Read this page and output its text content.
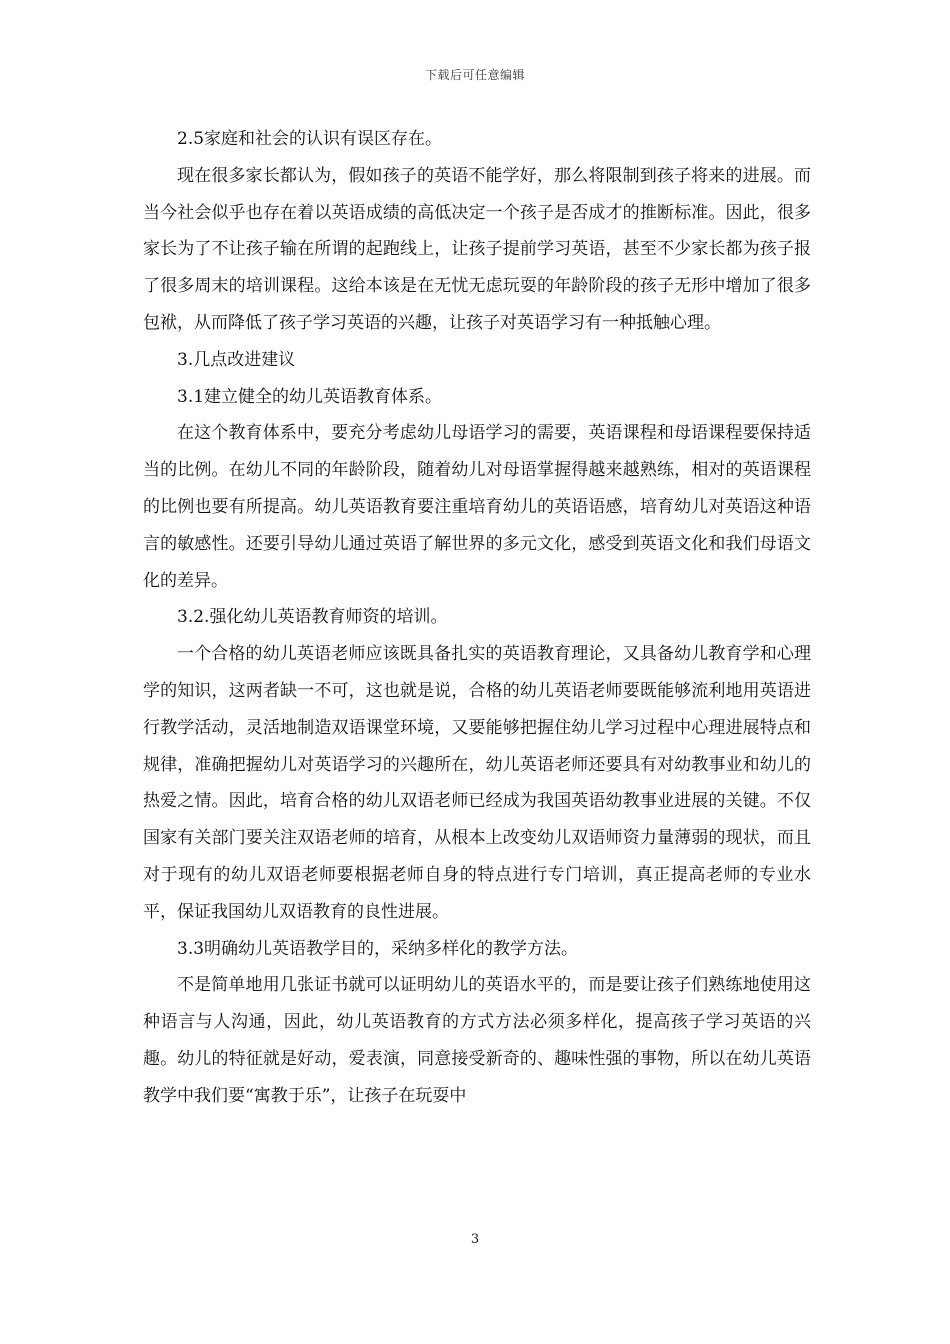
下载后可任意编辑

2.5家庭和社会的认识有误区存在。

现在很多家长都认为，假如孩子的英语不能学好，那么将限制到孩子将来的进展。而当今社会似乎也存在着以英语成绩的高低决定一个孩子是否成才的推断标准。因此，很多家长为了不让孩子输在所谓的起跑线上，让孩子提前学习英语，甚至不少家长都为孩子报了很多周末的培训课程。这给本该是在无忧无虑玩耍的年龄阶段的孩子无形中增加了很多包袱，从而降低了孩子学习英语的兴趣，让孩子对英语学习有一种抵触心理。

3.几点改进建议

3.1建立健全的幼儿英语教育体系。

在这个教育体系中，要充分考虑幼儿母语学习的需要，英语课程和母语课程要保持适当的比例。在幼儿不同的年龄阶段，随着幼儿对母语掌握得越来越熟练，相对的英语课程的比例也要有所提高。幼儿英语教育要注重培育幼儿的英语语感，培育幼儿对英语这种语言的敏感性。还要引导幼儿通过英语了解世界的多元文化，感受到英语文化和我们母语文化的差异。

3.2.强化幼儿英语教育师资的培训。

一个合格的幼儿英语老师应该既具备扎实的英语教育理论，又具备幼儿教育学和心理学的知识，这两者缺一不可，这也就是说，合格的幼儿英语老师要既能够流利地用英语进行教学活动，灵活地制造双语课堂环境，又要能够把握住幼儿学习过程中心理进展特点和规律，准确把握幼儿对英语学习的兴趣所在，幼儿英语老师还要具有对幼教事业和幼儿的热爱之情。因此，培育合格的幼儿双语老师已经成为我国英语幼教事业进展的关键。不仅国家有关部门要关注双语老师的培育，从根本上改变幼儿双语师资力量薄弱的现状，而且对于现有的幼儿双语老师要根据老师自身的特点进行专门培训，真正提高老师的专业水平，保证我国幼儿双语教育的良性进展。

3.3明确幼儿英语教学目的，采纳多样化的教学方法。

不是简单地用几张证书就可以证明幼儿的英语水平的，而是要让孩子们熟练地使用这种语言与人沟通，因此，幼儿英语教育的方式方法必须多样化，提高孩子学习英语的兴趣。幼儿的特征就是好动，爱表演，同意接受新奇的、趣味性强的事物，所以在幼儿英语教学中我们要“寓教于乐”，让孩子在玩耍中

3
